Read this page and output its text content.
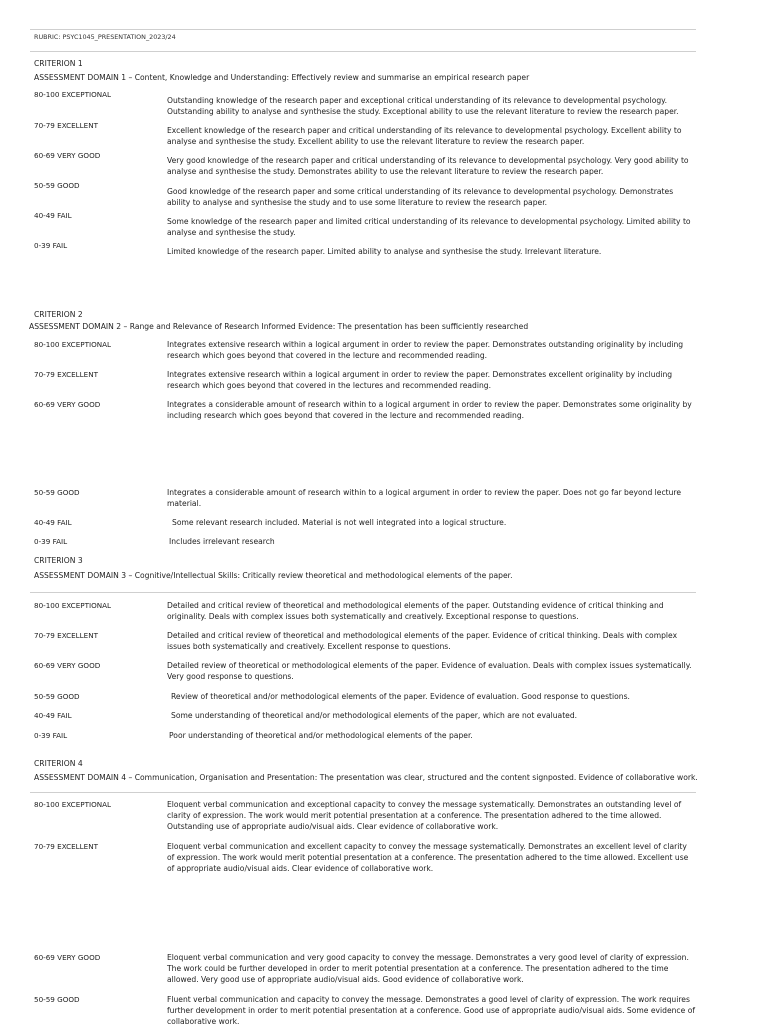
RUBRIC: PSYC1045_PRESENTATION_2023/24
CRITERION 1
ASSESSMENT DOMAIN 1 – Content, Knowledge and Understanding: Effectively review and summarise an empirical research paper
80-100 EXCEPTIONAL
Outstanding knowledge of the research paper and exceptional critical understanding of its relevance to developmental psychology. Outstanding ability to analyse and synthesise the study. Exceptional ability to use the relevant literature to review the research paper.
70-79 EXCELLENT
Excellent knowledge of the research paper and critical understanding of its relevance to developmental psychology. Excellent ability to analyse and synthesise the study. Excellent ability to use the relevant literature to review the research paper.
60-69 VERY GOOD
Very good knowledge of the research paper and critical understanding of its relevance to developmental psychology. Very good ability to analyse and synthesise the study. Demonstrates ability to use the relevant literature to review the research paper.
50-59 GOOD
Good knowledge of the research paper and some critical understanding of its relevance to developmental psychology. Demonstrates ability to analyse and synthesise the study and to use some literature to review the research paper.
40-49 FAIL
Some knowledge of the research paper and limited critical understanding of its relevance to developmental psychology. Limited ability to analyse and synthesise the study.
0-39 FAIL
Limited knowledge of the research paper. Limited ability to analyse and synthesise the study. Irrelevant literature.
CRITERION 2
ASSESSMENT DOMAIN 2 – Range and Relevance of Research Informed Evidence: The presentation has been sufficiently researched
80-100 EXCEPTIONAL	Integrates extensive research within a logical argument in order to review the paper. Demonstrates outstanding originality by including research which goes beyond that covered in the lecture and recommended reading.
70-79 EXCELLENT	Integrates extensive research within a logical argument in order to review the paper. Demonstrates excellent originality by including research which goes beyond that covered in the lectures and recommended reading.
60-69 VERY GOOD	Integrates a considerable amount of research within to a logical argument in order to review the paper. Demonstrates some originality by including research which goes beyond that covered in the lecture and recommended reading.
50-59 GOOD	Integrates a considerable amount of research within to a logical argument in order to review the paper. Does not go far beyond lecture material.
40-49 FAIL	Some relevant research included. Material is not well integrated into a logical structure.
0-39 FAIL	Includes irrelevant research
CRITERION 3
ASSESSMENT DOMAIN 3 – Cognitive/Intellectual Skills: Critically review theoretical and methodological elements of the paper.
80-100 EXCEPTIONAL	Detailed and critical review of theoretical and methodological elements of the paper. Outstanding evidence of critical thinking and originality. Deals with complex issues both systematically and creatively. Exceptional response to questions.
70-79 EXCELLENT	Detailed and critical review of theoretical and methodological elements of the paper. Evidence of critical thinking. Deals with complex issues both systematically and creatively. Excellent response to questions.
60-69 VERY GOOD	Detailed review of theoretical or methodological elements of the paper. Evidence of evaluation. Deals with complex issues systematically. Very good response to questions.
50-59 GOOD	Review of theoretical and/or methodological elements of the paper. Evidence of evaluation. Good response to questions.
40-49 FAIL	Some understanding of theoretical and/or methodological elements of the paper, which are not evaluated.
0-39 FAIL	Poor understanding of theoretical and/or methodological elements of the paper.
CRITERION 4
ASSESSMENT DOMAIN 4 – Communication, Organisation and Presentation: The presentation was clear, structured and the content signposted. Evidence of collaborative work.
80-100 EXCEPTIONAL	Eloquent verbal communication and exceptional capacity to convey the message systematically. Demonstrates an outstanding level of clarity of expression. The work would merit potential presentation at a conference. The presentation adhered to the time allowed. Outstanding use of appropriate audio/visual aids. Clear evidence of collaborative work.
70-79 EXCELLENT	Eloquent verbal communication and excellent capacity to convey the message systematically. Demonstrates an excellent level of clarity of expression. The work would merit potential presentation at a conference. The presentation adhered to the time allowed. Excellent use of appropriate audio/visual aids. Clear evidence of collaborative work.
60-69 VERY GOOD	Eloquent verbal communication and very good capacity to convey the message. Demonstrates a very good level of clarity of expression. The work could be further developed in order to merit potential presentation at a conference. The presentation adhered to the time allowed. Very good use of appropriate audio/visual aids. Good evidence of collaborative work.
50-59 GOOD	Fluent verbal communication and capacity to convey the message. Demonstrates a good level of clarity of expression. The work requires further development in order to merit potential presentation at a conference. Good use of appropriate audio/visual aids. Some evidence of collaborative work.
